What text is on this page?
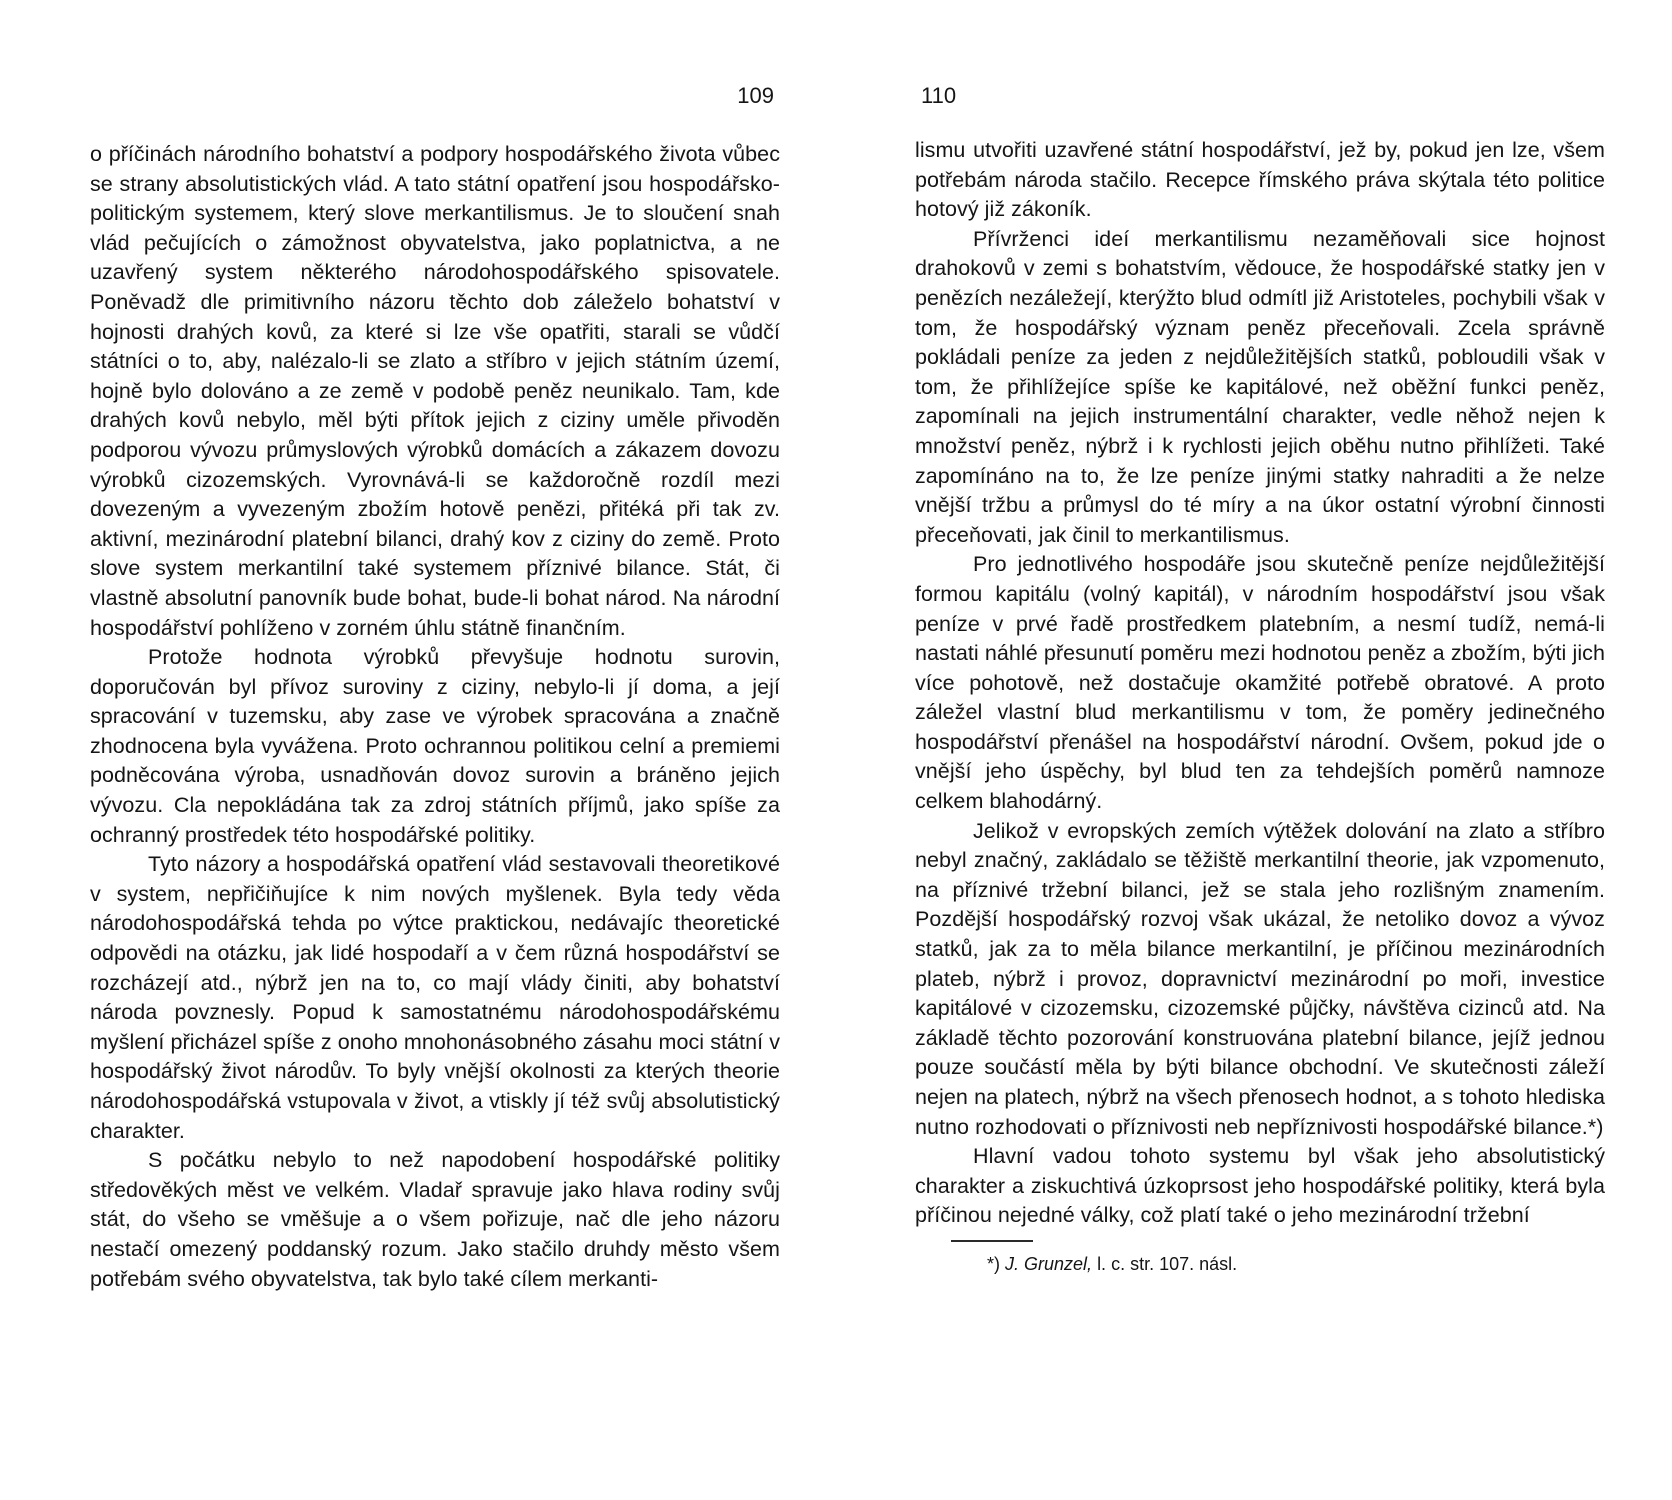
109

o příčinách národního bohatství a podpory hospodářského života vůbec se strany absolutistických vlád. A tato státní opatření jsou hospodářsko-politickým systemem, který slove merkantilismus. Je to sloučení snah vlád pečujících o zámožnost obyvatelstva, jako poplatnictva, a ne uzavřený system některého národohospodářského spisovatele. Poněvadž dle primitivního názoru těchto dob záleželo bohatství v hojnosti drahých kovů, za které si lze vše opatřiti, starali se vůdčí státníci o to, aby, nalézalo-li se zlato a stříbro v jejich státním území, hojně bylo dolováno a ze země v podobě peněz neunikalo. Tam, kde drahých kovů nebylo, měl býti přítok jejich z ciziny uměle přivoděn podporou vývozu průmyslových výrobků domácích a zákazem dovozu výrobků cizozemských. Vyrovnává-li se každoročně rozdíl mezi dovezeným a vyvezeným zbožím hotově penězi, přitéká při tak zv. aktivní, mezinárodní platební bilanci, drahý kov z ciziny do země. Proto slove system merkantilní také systemem příznivé bilance. Stát, či vlastně absolutní panovník bude bohat, bude-li bohat národ. Na národní hospodářství pohlíženo v zorném úhlu státně finančním.

Protože hodnota výrobků převyšuje hodnotu surovin, doporučován byl přívoz suroviny z ciziny, nebylo-li jí doma, a její spracování v tuzemsku, aby zase ve výrobek spracována a značně zhodnocena byla vyvážena. Proto ochrannou politikou celní a premiemi podněcována výroba, usnadňován dovoz surovin a bráněno jejich vývozu. Cla nepokládána tak za zdroj státních příjmů, jako spíše za ochranný prostředek této hospodářské politiky.

Tyto názory a hospodářská opatření vlád sestavovali theoretikové v system, nepřičiňujíce k nim nových myšlenek. Byla tedy věda národohospodářská tehda po výtce praktickou, nedávajíc theoretické odpovědi na otázku, jak lidé hospodaří a v čem různá hospodářství se rozcházejí atd., nýbrž jen na to, co mají vlády činiti, aby bohatství národa povznesly. Popud k samostatnému národohospodářskému myšlení přicházel spíše z onoho mnohonásobného zásahu moci státní v hospodářský život národův. To byly vnější okolnosti za kterých theorie národohospodářská vstupovala v život, a vtiskly jí též svůj absolutistický charakter.

S počátku nebylo to než napodobení hospodářské politiky středověkých měst ve velkém. Vladař spravuje jako hlava rodiny svůj stát, do všeho se vměšuje a o všem pořizuje, nač dle jeho názoru nestačí omezený poddanský rozum. Jako stačilo druhdy město všem potřebám svého obyvatelstva, tak bylo také cílem merkanti-

110

lismu utvořiti uzavřené státní hospodářství, jež by, pokud jen lze, všem potřebám národa stačilo. Recepce římského práva skýtala této politice hotový již zákoník.

Přívrženci ideí merkantilismu nezaměňovali sice hojnost drahokovů v zemi s bohatstvím, vědouce, že hospodářské statky jen v penězích nezáležejí, kterýžto blud odmítl již Aristoteles, pochybili však v tom, že hospodářský význam peněz přeceňovali. Zcela správně pokládali peníze za jeden z nejdůležitějších statků, pobloudili však v tom, že přihlížejíce spíše ke kapitálové, než oběžní funkci peněz, zapomínali na jejich instrumentální charakter, vedle něhož nejen k množství peněz, nýbrž i k rychlosti jejich oběhu nutno přihlížeti. Také zapomínáno na to, že lze peníze jinými statky nahraditi a že nelze vnější tržbu a průmysl do té míry a na úkor ostatní výrobní činnosti přeceňovati, jak činil to merkantilismus.

Pro jednotlivého hospodáře jsou skutečně peníze nejdůležitější formou kapitálu (volný kapitál), v národním hospodářství jsou však peníze v prvé řadě prostředkem platebním, a nesmí tudíž, nemá-li nastati náhlé přesunutí poměru mezi hodnotou peněz a zbožím, býti jich více pohotově, než dostačuje okamžité potřebě obratové. A proto záležel vlastní blud merkantilismu v tom, že poměry jedinečného hospodářství přenášel na hospodářství národní. Ovšem, pokud jde o vnější jeho úspěchy, byl blud ten za tehdejších poměrů namnoze celkem blahodárný.

Jelikož v evropských zemích výtěžek dolování na zlato a stříbro nebyl značný, zakládalo se těžiště merkantilní theorie, jak vzpomenuto, na příznivé tržební bilanci, jež se stala jeho rozlišným znamením. Pozdější hospodářský rozvoj však ukázal, že netoliko dovoz a vývoz statků, jak za to měla bilance merkantilní, je příčinou mezinárodních plateb, nýbrž i provoz, dopravnictví mezinárodní po moři, investice kapitálové v cizozemsku, cizozemské půjčky, návštěva cizinců atd. Na základě těchto pozorování konstruována platební bilance, jejíž jednou pouze součástí měla by býti bilance obchodní. Ve skutečnosti záleží nejen na platech, nýbrž na všech přenosech hodnot, a s tohoto hlediska nutno rozhodovati o příznivosti neb nepříznivosti hospodářské bilance.*)

Hlavní vadou tohoto systemu byl však jeho absolutistický charakter a ziskuchtivá úzkoprsost jeho hospodářské politiky, která byla příčinou nejedné války, což platí také o jeho mezinárodní tržební

*) J. Grunzel, l. c. str. 107. násl.
